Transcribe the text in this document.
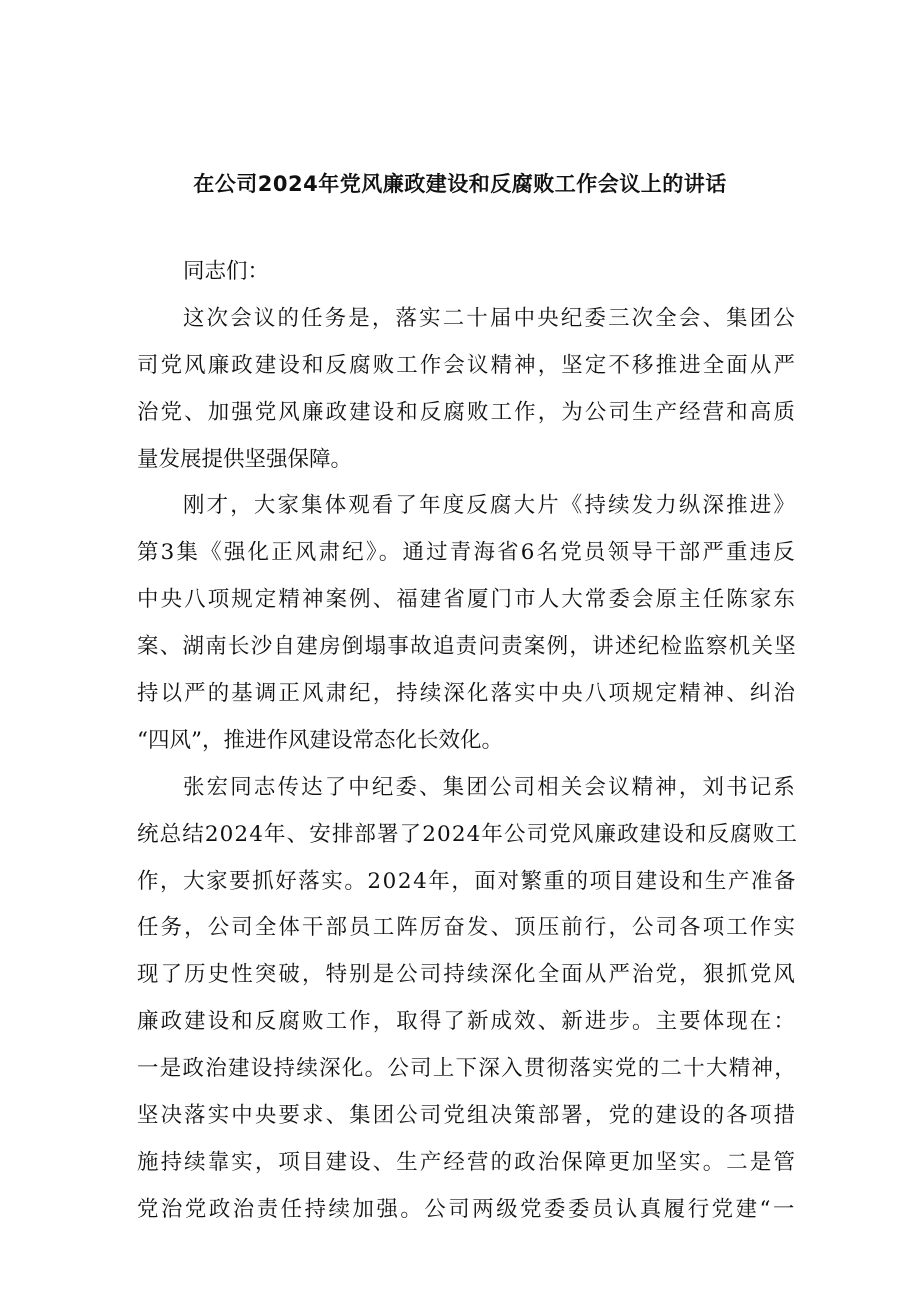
在公司2024年党风廉政建设和反腐败工作会议上的讲话
同志们：
这次会议的任务是，落实二十届中央纪委三次全会、集团公
司党风廉政建设和反腐败工作会议精神，坚定不移推进全面从严
治党、加强党风廉政建设和反腐败工作，为公司生产经营和高质
量发展提供坚强保障。
刚才，大家集体观看了年度反腐大片《持续发力纵深推进》
第3集《强化正风肃纪》。通过青海省6名党员领导干部严重违反
中央八项规定精神案例、福建省厦门市人大常委会原主任陈家东
案、湖南长沙自建房倒塌事故追责问责案例，讲述纪检监察机关坚
持以严的基调正风肃纪，持续深化落实中央八项规定精神、纠治
“四风”，推进作风建设常态化长效化。
张宏同志传达了中纪委、集团公司相关会议精神，刘书记系
统总结2024年、安排部署了2024年公司党风廉政建设和反腐败工
作，大家要抓好落实。2024年，面对繁重的项目建设和生产准备
任务，公司全体干部员工阵厉奋发、顶压前行，公司各项工作实
现了历史性突破，特别是公司持续深化全面从严治党，狠抓党风
廉政建设和反腐败工作，取得了新成效、新进步。主要体现在：
一是政治建设持续深化。公司上下深入贯彻落实党的二十大精神，
坚决落实中央要求、集团公司党组决策部署，党的建设的各项措
施持续靠实，项目建设、生产经营的政治保障更加坚实。二是管
党治党政治责任持续加强。公司两级党委委员认真履行党建“一
